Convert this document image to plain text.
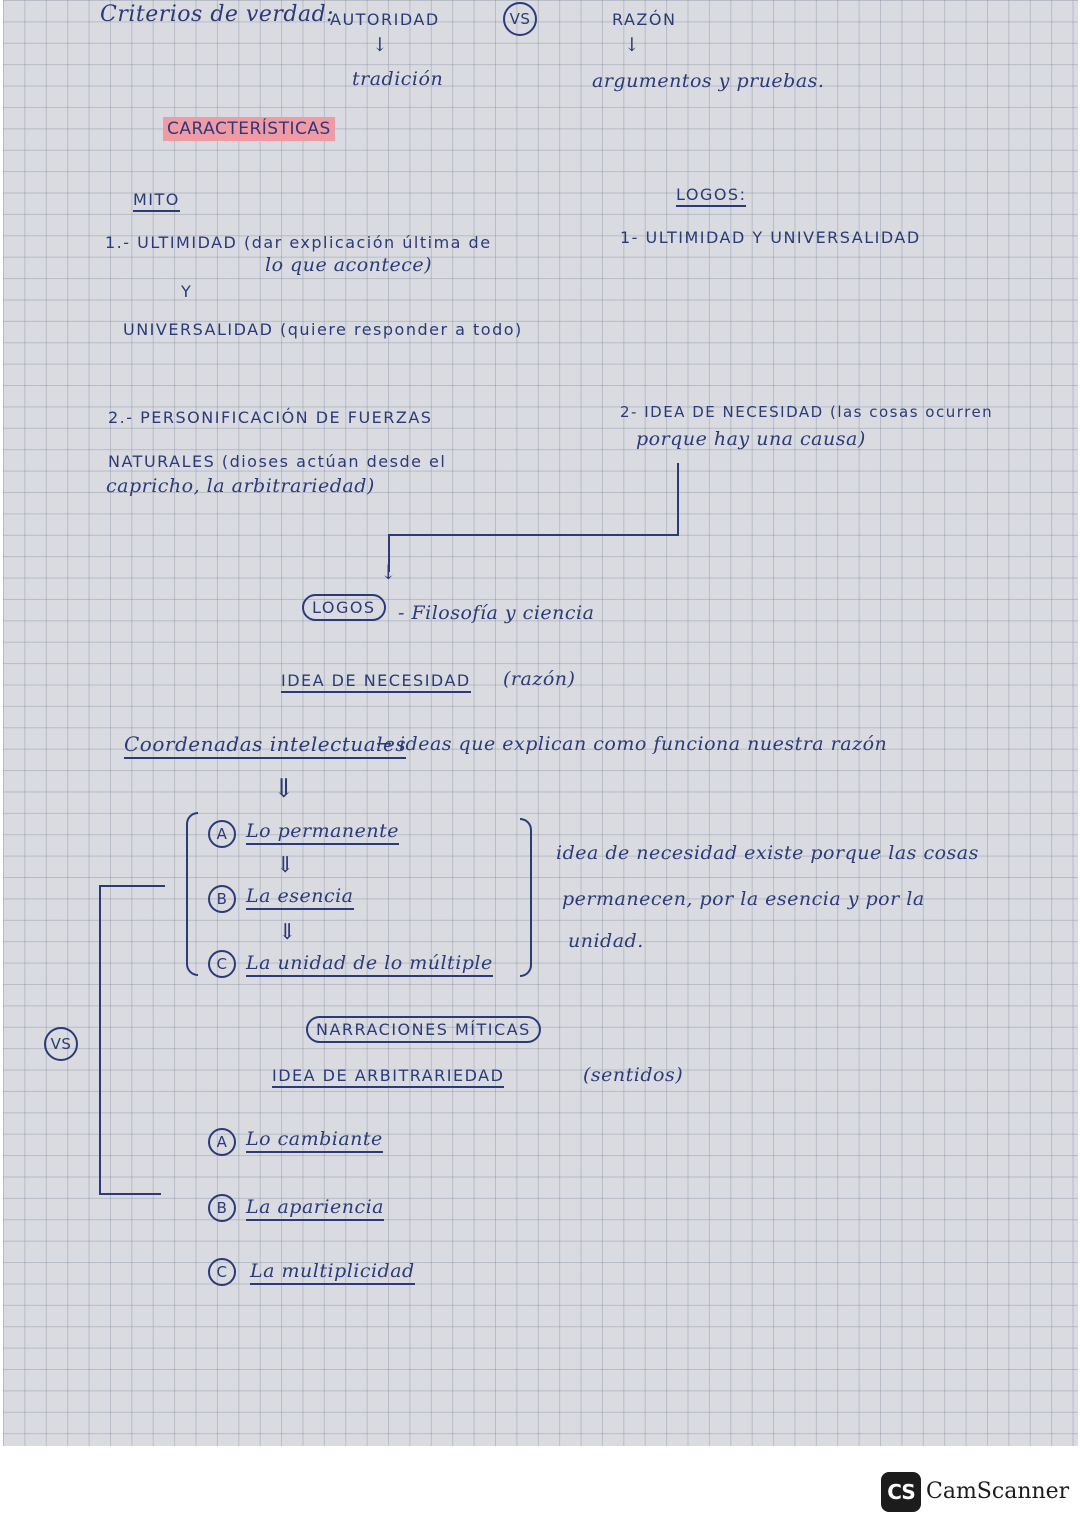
Criterios de verdad:
AUTORIDAD
↓
tradición
VS	RAZÓN
↓
argumentos y pruebas.
CARACTERÍSTICAS
MITO
1.- ULTIMIDAD (dar explicación última de
lo que acontece)
Y
UNIVERSALIDAD (quiere responder a todo)
2.- PERSONIFICACIÓN DE FUERZAS
NATURALES (dioses actúan desde el
capricho, la arbitrariedad)
LOGOS:
1- ULTIMIDAD Y UNIVERSALIDAD
2- IDEA DE NECESIDAD (las cosas ocurren
porque hay una causa)
↓
LOGOS	- Filosofía y ciencia
IDEA DE NECESIDAD (razón)
Coordenadas intelectuales
→ ideas que explican como funciona nuestra razón
⇓
A Lo permanente
⇓
B La esencia
⇓
C La unidad de lo múltiple
idea de necesidad existe porque las cosas
permanecen, por la esencia y por la
unidad.
VS
NARRACIONES MÍTICAS
IDEA DE ARBITRARIEDAD	(sentidos)
A Lo cambiante
B La apariencia
C	La multiplicidad
CS CamScanner
